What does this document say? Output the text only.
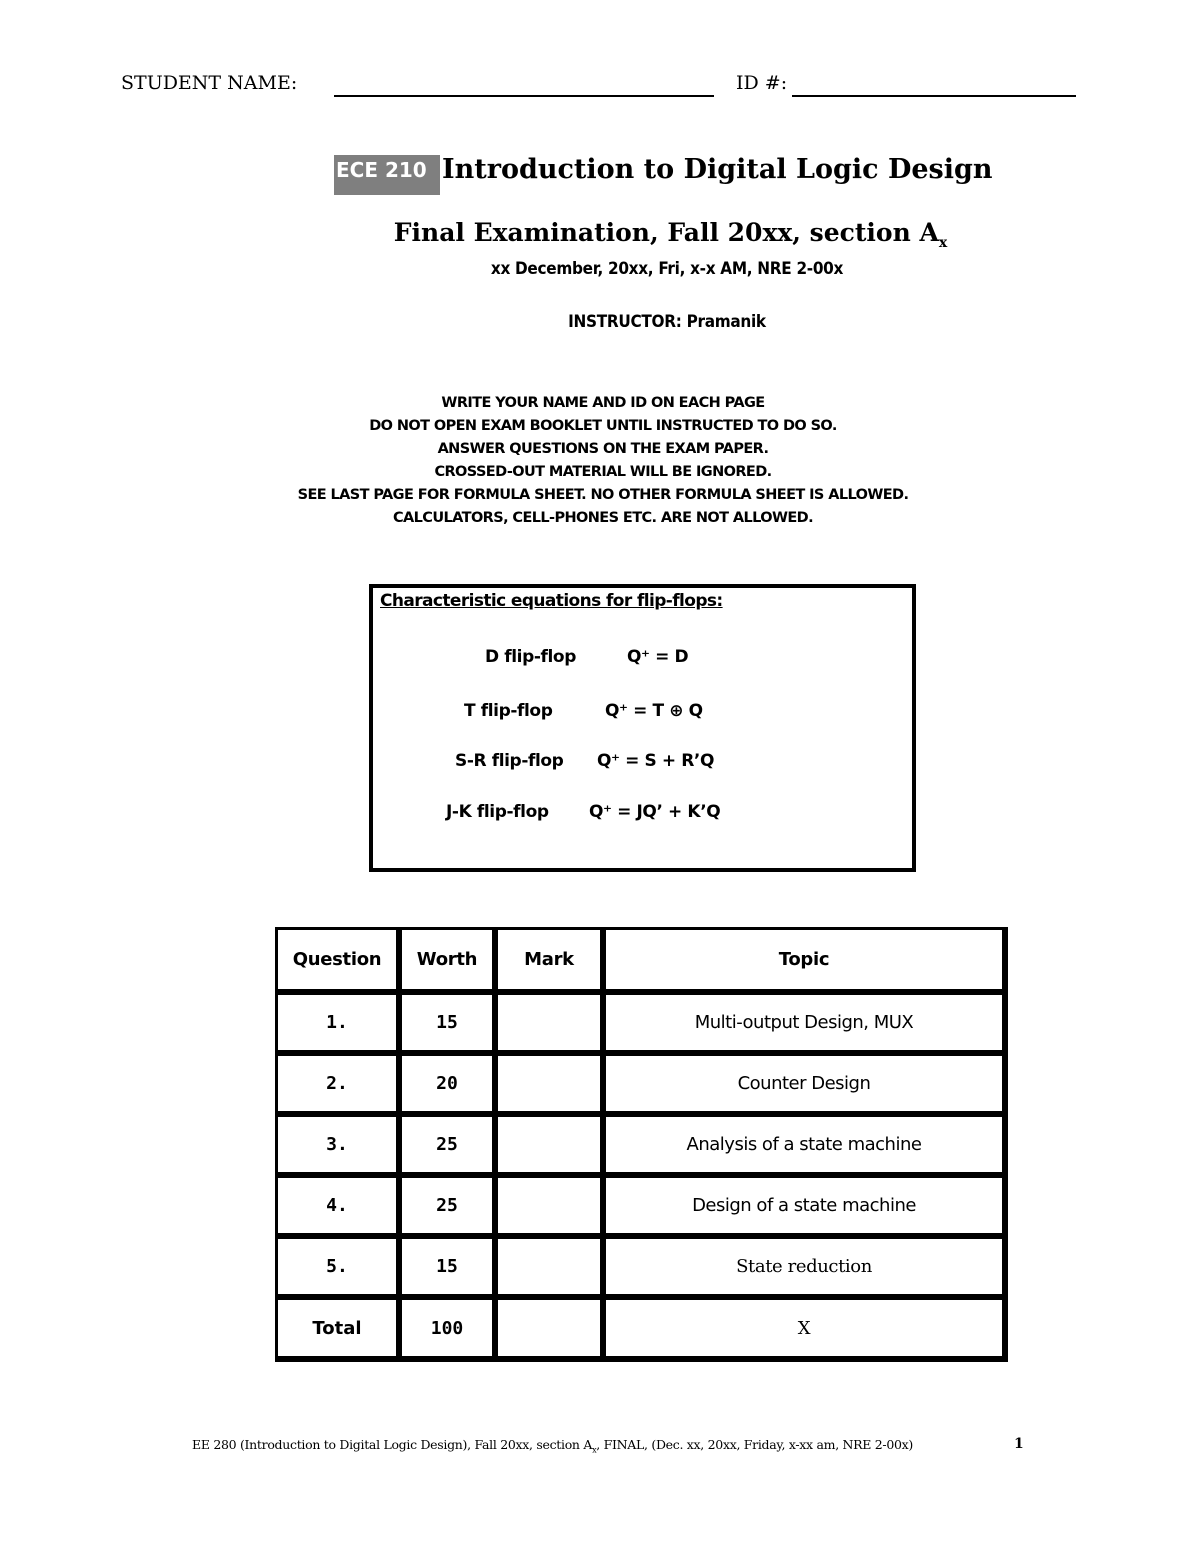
STUDENT NAME:	ID #:
ECE 210 Introduction to Digital Logic Design
Final Examination, Fall 20xx, section $A_x$
xx December, 20xx, Fri, x-x AM, NRE 2-00x
INSTRUCTOR: Pramanik
WRITE YOUR NAME AND ID ON EACH PAGE
DO NOT OPEN EXAM BOOKLET UNTIL INSTRUCTED TO DO SO.
ANSWER QUESTIONS ON THE EXAM PAPER.
CROSSED-OUT MATERIAL WILL BE IGNORED.
SEE LAST PAGE FOR FORMULA SHEET. NO OTHER FORMULA SHEET IS ALLOWED.
CALCULATORS, CELL-PHONES ETC. ARE NOT ALLOWED.
Characteristic equations for flip-flops:
D flip-flop	Q⁺ = D
T flip-flop	Q⁺ = T ⊕ Q
S-R flip-flop Q⁺ = S + R’Q
J-K flip-flop Q⁺ = JQ’ + K’Q
Question	Worth	Mark	Topic
1.	15		Multi-output Design, MUX
2.	20		Counter Design
3.	25		Analysis of a state machine
4.	25		Design of a state machine
5.	15		State reduction
Total	100		X
EE 280 (Introduction to Digital Logic Design), Fall 20xx, section $A_x$, FINAL, (Dec. xx, 20xx, Friday, x-xx am, NRE 2-00x)	1
